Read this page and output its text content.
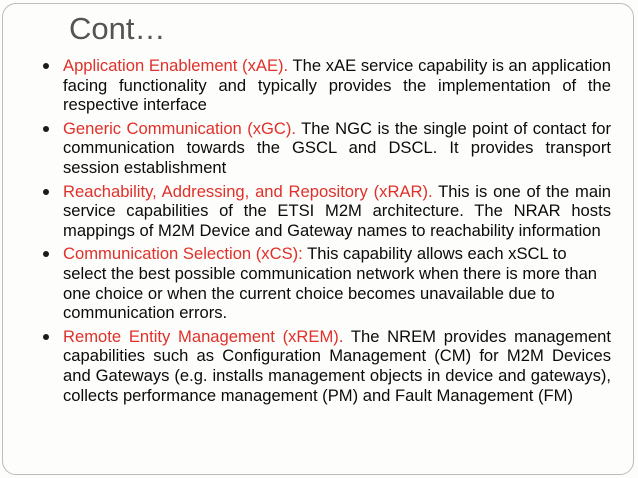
Cont…
Application Enablement (xAE). The xAE service capability is an application facing functionality and typically provides the implementation of the respective interface
Generic Communication (xGC). The NGC is the single point of contact for communication towards the GSCL and DSCL. It provides transport session establishment
Reachability, Addressing, and Repository (xRAR). This is one of the main service capabilities of the ETSI M2M architecture. The NRAR hosts mappings of M2M Device and Gateway names to reachability information
Communication Selection (xCS): This capability allows each xSCL to select the best possible communication network when there is more than one choice or when the current choice becomes unavailable due to communication errors.
Remote Entity Management (xREM). The NREM provides management capabilities such as Configuration Management (CM) for M2M Devices and Gateways (e.g. installs management objects in device and gateways), collects performance management (PM) and Fault Management (FM)
